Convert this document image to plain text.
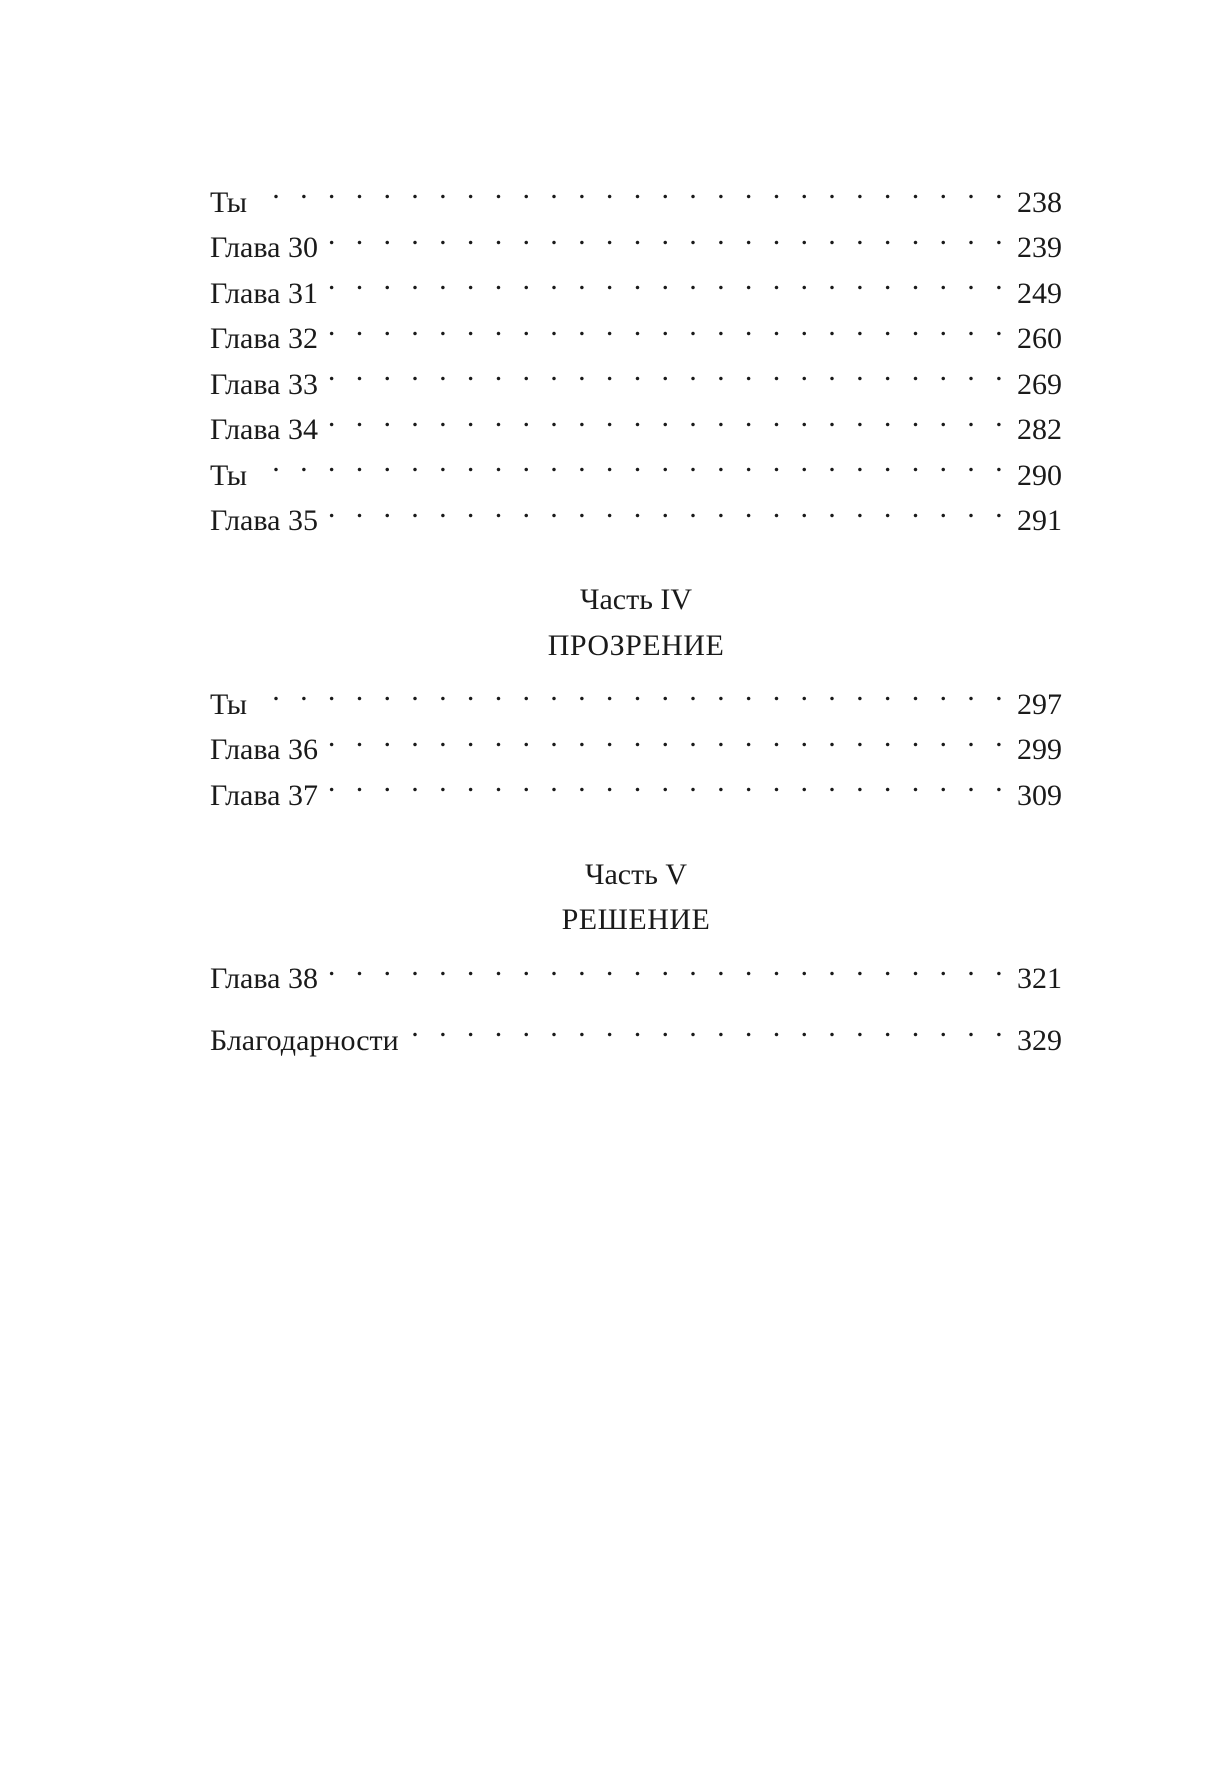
Ты . . .	238
Глава 30 . . .	239
Глава 31 . . .	249
Глава 32 . . .	260
Глава 33 . . .	269
Глава 34 . . .	282
Ты . . .	290
Глава 35 . . .	291
Часть IV
ПРОЗРЕНИЕ
Ты . . .	297
Глава 36 . . .	299
Глава 37 . . .	309
Часть V
РЕШЕНИЕ
Глава 38 . . .	321
Благодарности . . .	329
